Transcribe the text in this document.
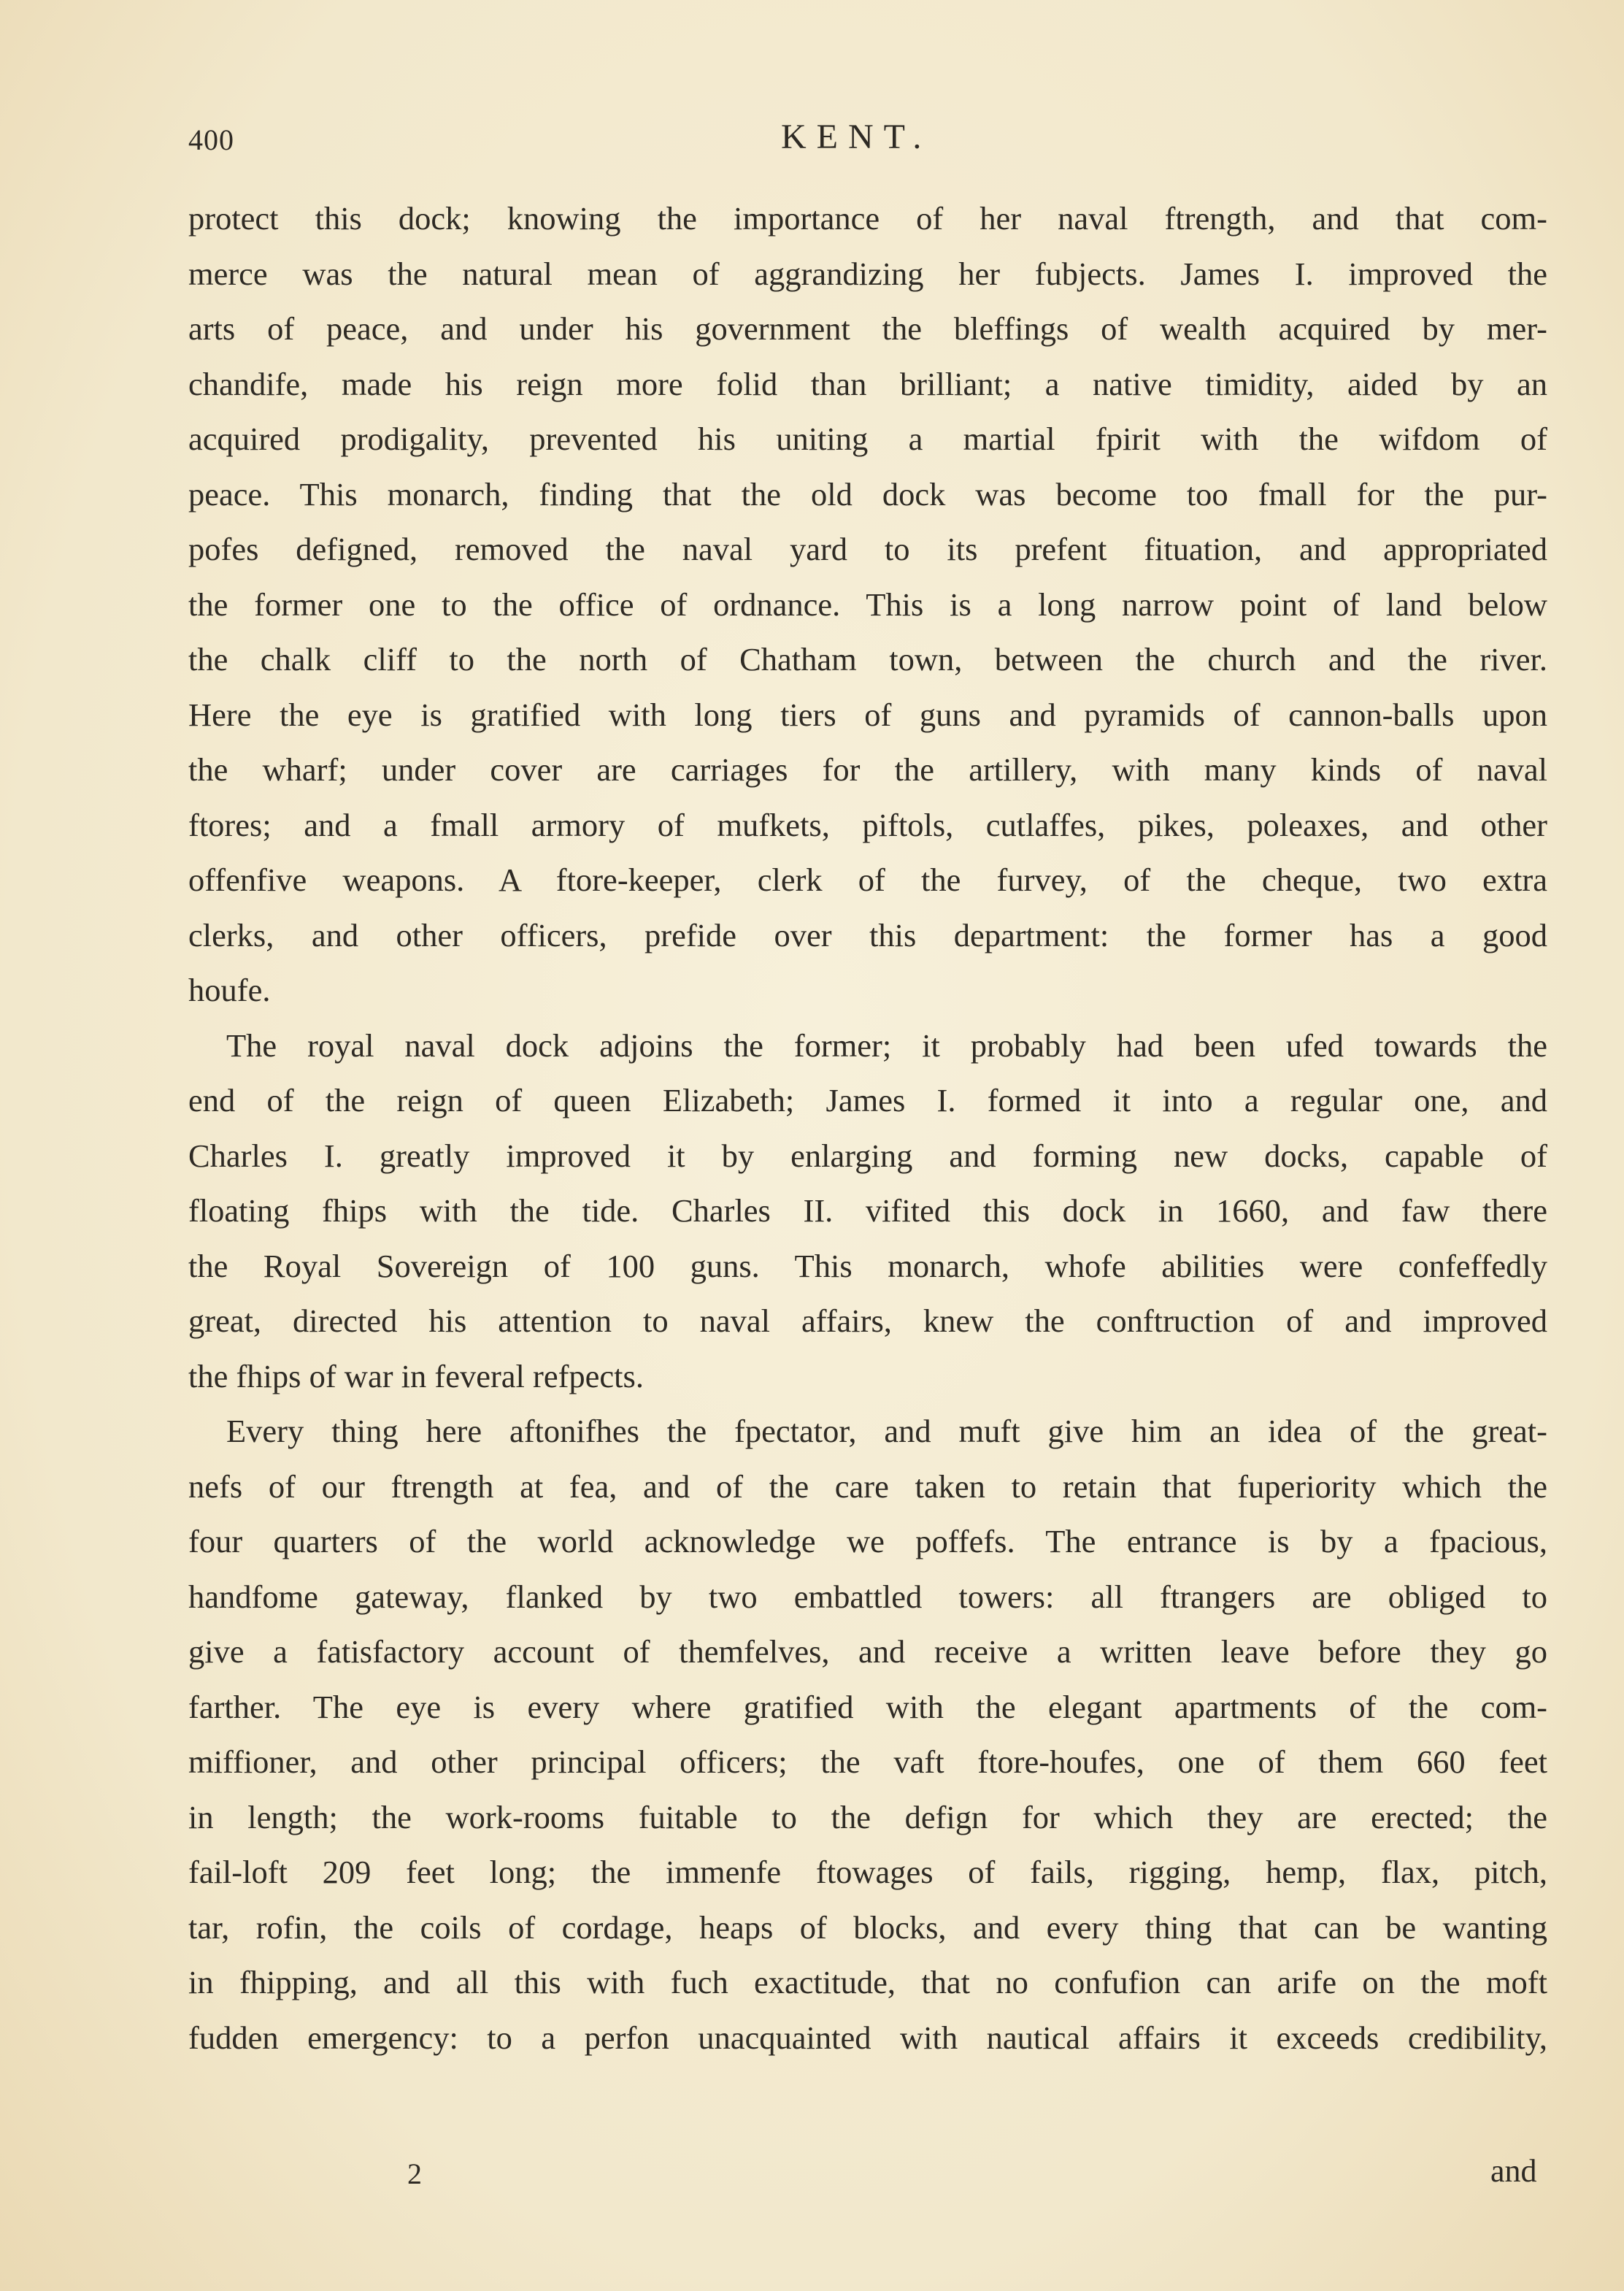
400	KENT.
protect this dock; knowing the importance of her naval ftrength, and that com-
merce was the natural mean of aggrandizing her fubjects. James I. improved the
arts of peace, and under his government the bleffings of wealth acquired by mer-
chandife, made his reign more folid than brilliant; a native timidity, aided by an
acquired prodigality, prevented his uniting a martial fpirit with the wifdom of
peace. This monarch, finding that the old dock was become too fmall for the pur-
pofes defigned, removed the naval yard to its prefent fituation, and appropriated
the former one to the office of ordnance. This is a long narrow point of land below
the chalk cliff to the north of Chatham town, between the church and the river.
Here the eye is gratified with long tiers of guns and pyramids of cannon-balls upon
the wharf; under cover are carriages for the artillery, with many kinds of naval
ftores; and a fmall armory of mufkets, piftols, cutlaffes, pikes, poleaxes, and other
offenfive weapons. A ftore-keeper, clerk of the furvey, of the cheque, two extra
clerks, and other officers, prefide over this department: the former has a good
houfe.
The royal naval dock adjoins the former; it probably had been ufed towards the
end of the reign of queen Elizabeth; James I. formed it into a regular one, and
Charles I. greatly improved it by enlarging and forming new docks, capable of
floating fhips with the tide. Charles II. vifited this dock in 1660, and faw there
the Royal Sovereign of 100 guns. This monarch, whofe abilities were confeffedly
great, directed his attention to naval affairs, knew the conftruction of and improved
the fhips of war in feveral refpects.
Every thing here aftonifhes the fpectator, and muft give him an idea of the great-
nefs of our ftrength at fea, and of the care taken to retain that fuperiority which the
four quarters of the world acknowledge we poffefs. The entrance is by a fpacious,
handfome gateway, flanked by two embattled towers: all ftrangers are obliged to
give a fatisfactory account of themfelves, and receive a written leave before they go
farther. The eye is every where gratified with the elegant apartments of the com-
miffioner, and other principal officers; the vaft ftore-houfes, one of them 660 feet
in length; the work-rooms fuitable to the defign for which they are erected; the
fail-loft 209 feet long; the immenfe ftowages of fails, rigging, hemp, flax, pitch,
tar, rofin, the coils of cordage, heaps of blocks, and every thing that can be wanting
in fhipping, and all this with fuch exactitude, that no confufion can arife on the moft
fudden emergency: to a perfon unacquainted with nautical affairs it exceeds credibility,
2	and
